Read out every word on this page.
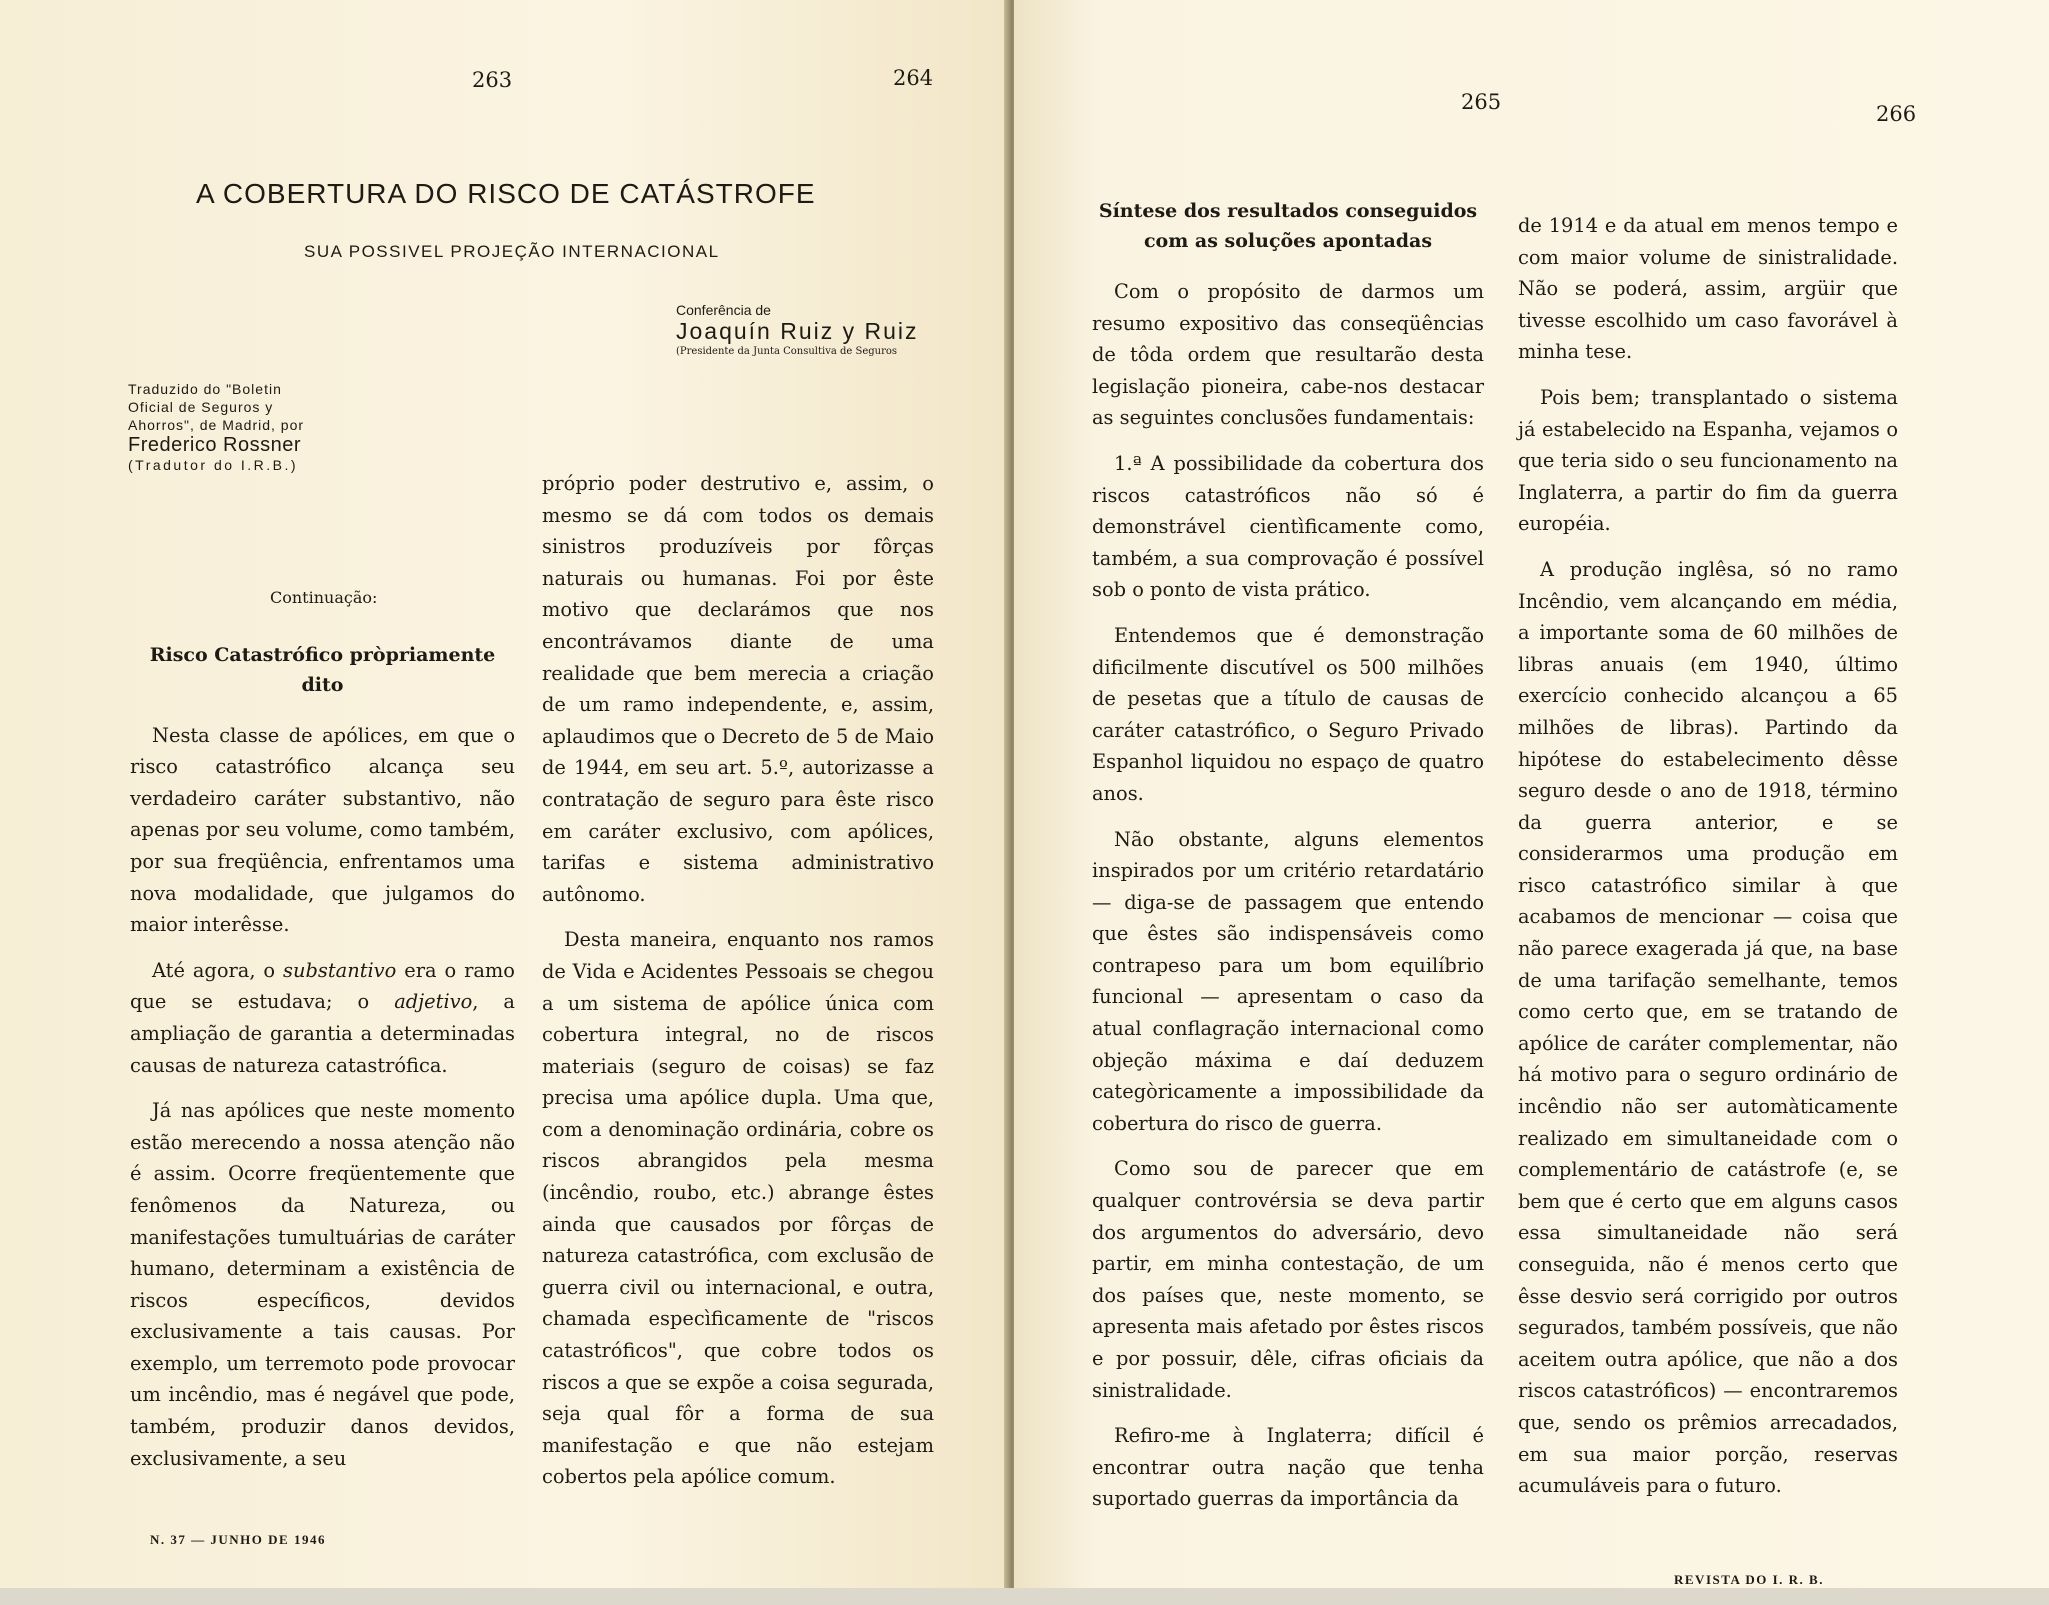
263	264
A COBERTURA DO RISCO DE CATÁSTROFE
SUA POSSIVEL PROJEÇÃO INTERNACIONAL
Conferência de
Joaquín Ruiz y Ruiz
(Presidente da Junta Consultiva de Seguros
Traduzido do "Boletin
Oficial de Seguros y
Ahorros", de Madrid, por
Frederico Rossner
(Tradutor do I.R.B.)
Continuação:
Risco Catastrófico pròpriamente dito

Nesta classe de apólices, em que o risco catastrófico alcança seu verdadeiro caráter substantivo, não apenas por seu volume, como também, por sua freqüência, enfrentamos uma nova modalidade, que julgamos do maior interêsse.

Até agora, o substantivo era o ramo que se estudava; o adjetivo, a ampliação de garantia a determinadas causas de natureza catastrófica.

Já nas apólices que neste momento estão merecendo a nossa atenção não é assim. Ocorre freqüentemente que fenômenos da Natureza, ou manifestações tumultuárias de caráter humano, determinam a existência de riscos específicos, devidos exclusivamente a tais causas. Por exemplo, um terremoto pode provocar um incêndio, mas é negável que pode, também, produzir danos devidos, exclusivamente, a seu

próprio poder destrutivo e, assim, o mesmo se dá com todos os demais sinistros produzíveis por fôrças naturais ou humanas. Foi por êste motivo que declarámos que nos encontrávamos diante de uma realidade que bem merecia a criação de um ramo independente, e, assim, aplaudimos que o Decreto de 5 de Maio de 1944, em seu art. 5.º, autorizasse a contratação de seguro para êste risco em caráter exclusivo, com apólices, tarifas e sistema administrativo autônomo.

Desta maneira, enquanto nos ramos de Vida e Acidentes Pessoais se chegou a um sistema de apólice única com cobertura integral, no de riscos materiais (seguro de coisas) se faz precisa uma apólice dupla. Uma que, com a denominação ordinária, cobre os riscos abrangidos pela mesma (incêndio, roubo, etc.) abrange êstes ainda que causados por fôrças de natureza catastrófica, com exclusão de guerra civil ou internacional, e outra, chamada especìficamente de "riscos catastróficos", que cobre todos os riscos a que se expõe a coisa segurada, seja qual fôr a forma de sua manifestação e que não estejam cobertos pela apólice comum.

N. 37 — JUNHO DE 1946
265	266
Síntese dos resultados conseguidos
com as soluções apontadas

Com o propósito de darmos um resumo expositivo das conseqüências de tôda ordem que resultarão desta legislação pioneira, cabe-nos destacar as seguintes conclusões fundamentais:

1.ª A possibilidade da cobertura dos riscos catastróficos não só é demonstrável cientìficamente como, também, a sua comprovação é possível sob o ponto de vista prático.

Entendemos que é demonstração dificilmente discutível os 500 milhões de pesetas que a título de causas de caráter catastrófico, o Seguro Privado Espanhol liquidou no espaço de quatro anos.

Não obstante, alguns elementos inspirados por um critério retardatário — diga-se de passagem que entendo que êstes são indispensáveis como contrapeso para um bom equilíbrio funcional — apresentam o caso da atual conflagração internacional como objeção máxima e daí deduzem categòricamente a impossibilidade da cobertura do risco de guerra.

Como sou de parecer que em qualquer controvérsia se deva partir dos argumentos do adversário, devo partir, em minha contestação, de um dos países que, neste momento, se apresenta mais afetado por êstes riscos e por possuir, dêle, cifras oficiais da sinistralidade.

Refiro-me à Inglaterra; difícil é encontrar outra nação que tenha suportado guerras da importância da

de 1914 e da atual em menos tempo e com maior volume de sinistralidade. Não se poderá, assim, argüir que tivesse escolhido um caso favorável à minha tese.

Pois bem; transplantado o sistema já estabelecido na Espanha, vejamos o que teria sido o seu funcionamento na Inglaterra, a partir do fim da guerra européia.

A produção inglêsa, só no ramo Incêndio, vem alcançando em média, a importante soma de 60 milhões de libras anuais (em 1940, último exercício conhecido alcançou a 65 milhões de libras). Partindo da hipótese do estabelecimento dêsse seguro desde o ano de 1918, término da guerra anterior, e se considerarmos uma produção em risco catastrófico similar à que acabamos de mencionar — coisa que não parece exagerada já que, na base de uma tarifação semelhante, temos como certo que, em se tratando de apólice de caráter complementar, não há motivo para o seguro ordinário de incêndio não ser automàticamente realizado em simultaneidade com o complementário de catástrofe (e, se bem que é certo que em alguns casos essa simultaneidade não será conseguida, não é menos certo que êsse desvio será corrigido por outros segurados, também possíveis, que não aceitem outra apólice, que não a dos riscos catastróficos) — encontraremos que, sendo os prêmios arrecadados, em sua maior porção, reservas acumuláveis para o futuro.

REVISTA DO I. R. B.
